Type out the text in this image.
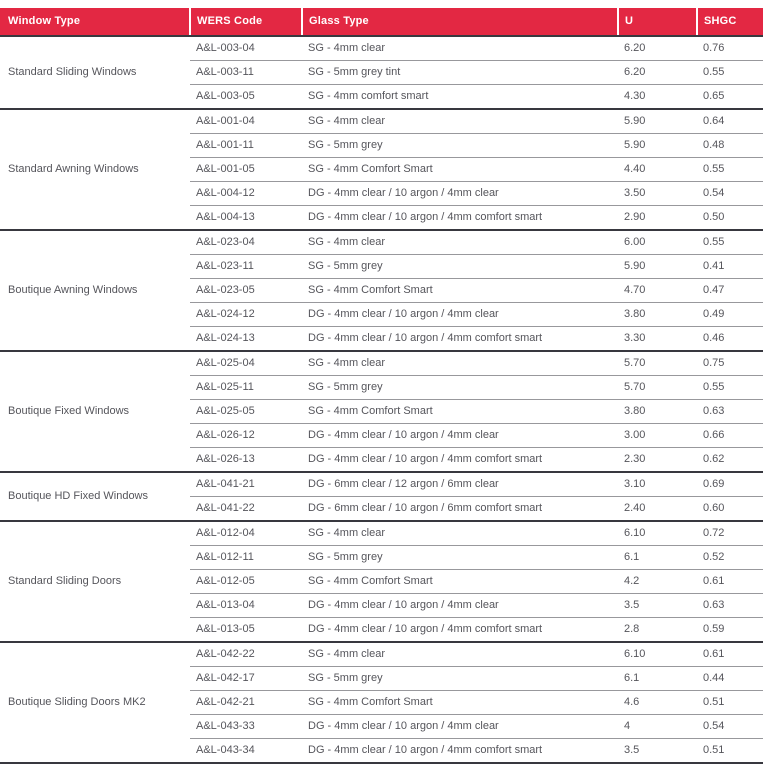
Window Type	WERS Code	Glass Type	U	SHGC
Standard Sliding Windows	A&L-003-04	SG - 4mm clear	6.20	0.76
	A&L-003-11	SG - 5mm grey tint	6.20	0.55
	A&L-003-05	SG - 4mm comfort smart	4.30	0.65
Standard Awning Windows	A&L-001-04	SG - 4mm clear	5.90	0.64
	A&L-001-11	SG - 5mm grey	5.90	0.48
	A&L-001-05	SG - 4mm Comfort Smart	4.40	0.55
	A&L-004-12	DG - 4mm clear / 10 argon / 4mm clear	3.50	0.54
	A&L-004-13	DG - 4mm clear / 10 argon / 4mm comfort smart	2.90	0.50
Boutique Awning Windows	A&L-023-04	SG - 4mm clear	6.00	0.55
	A&L-023-11	SG - 5mm grey	5.90	0.41
	A&L-023-05	SG - 4mm Comfort Smart	4.70	0.47
	A&L-024-12	DG - 4mm clear / 10 argon / 4mm clear	3.80	0.49
	A&L-024-13	DG - 4mm clear / 10 argon / 4mm comfort smart	3.30	0.46
Boutique Fixed Windows	A&L-025-04	SG - 4mm clear	5.70	0.75
	A&L-025-11	SG - 5mm grey	5.70	0.55
	A&L-025-05	SG - 4mm Comfort Smart	3.80	0.63
	A&L-026-12	DG - 4mm clear / 10 argon / 4mm clear	3.00	0.66
	A&L-026-13	DG - 4mm clear / 10 argon / 4mm comfort smart	2.30	0.62
Boutique HD Fixed Windows	A&L-041-21	DG - 6mm clear / 12 argon / 6mm clear	3.10	0.69
	A&L-041-22	DG - 6mm clear / 10 argon / 6mm comfort smart	2.40	0.60
Standard Sliding Doors	A&L-012-04	SG - 4mm clear	6.10	0.72
	A&L-012-11	SG - 5mm grey	6.1	0.52
	A&L-012-05	SG - 4mm Comfort Smart	4.2	0.61
	A&L-013-04	DG - 4mm clear / 10 argon / 4mm clear	3.5	0.63
	A&L-013-05	DG - 4mm clear / 10 argon / 4mm comfort smart	2.8	0.59
Boutique Sliding Doors MK2	A&L-042-22	SG - 4mm clear	6.10	0.61
	A&L-042-17	SG - 5mm grey	6.1	0.44
	A&L-042-21	SG - 4mm Comfort Smart	4.6	0.51
	A&L-043-33	DG - 4mm clear / 10 argon / 4mm clear	4	0.54
	A&L-043-34	DG - 4mm clear / 10 argon / 4mm comfort smart	3.5	0.51
